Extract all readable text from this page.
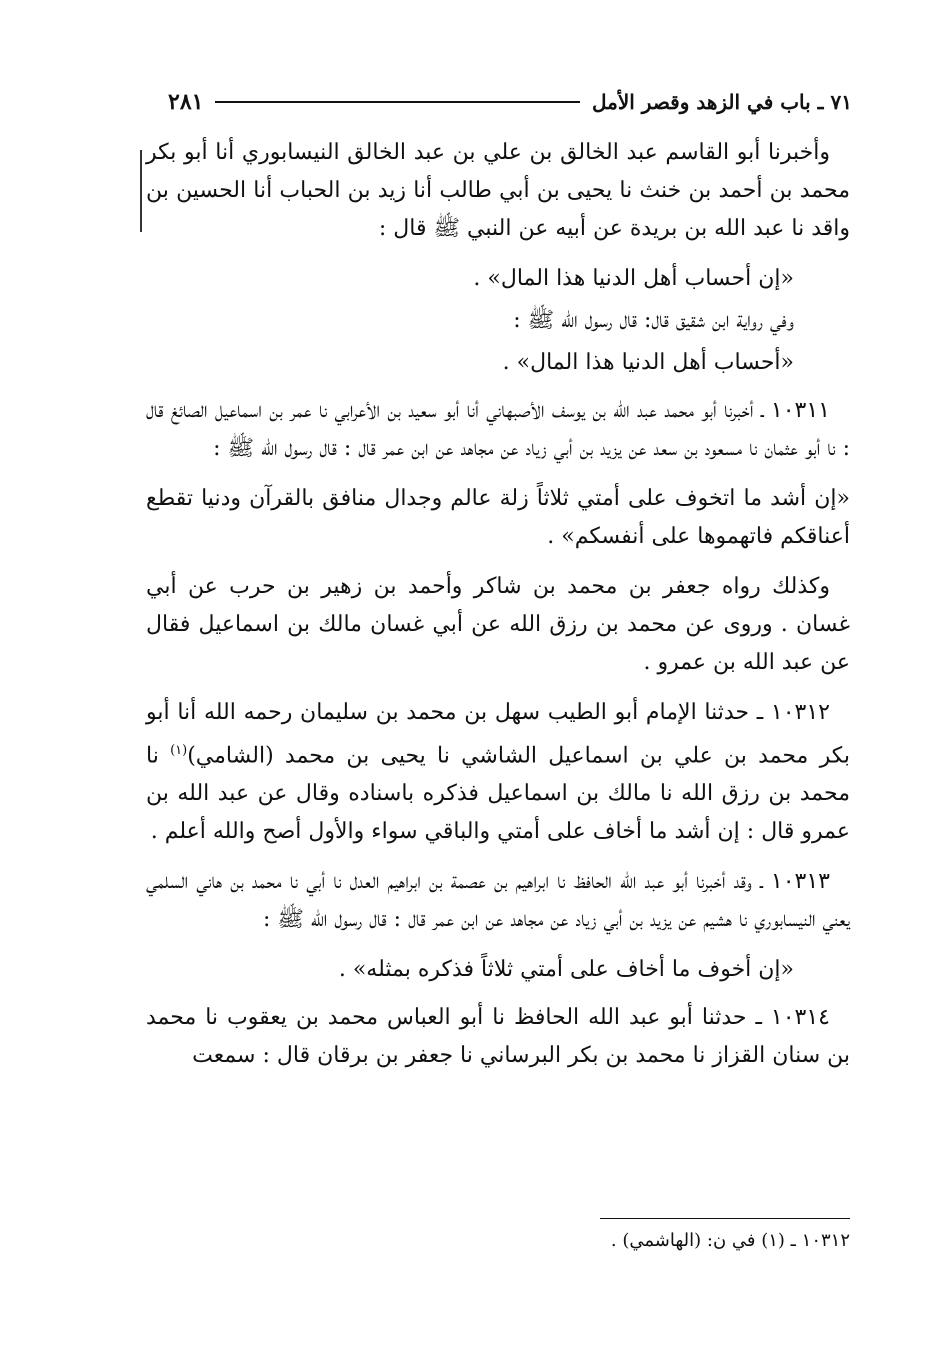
٧١ ـ باب في الزهد وقصر الأمل
٢٨١

وأخبرنا أبو القاسم عبد الخالق بن علي بن عبد الخالق النيسابوري أنا أبو بكر محمد بن أحمد بن خنث نا يحيى بن أبي طالب أنا زيد بن الحباب أنا الحسين بن واقد نا عبد الله بن بريدة عن أبيه عن النبي ﷺ قال :

«إن أحساب أهل الدنيا هذا المال» .

وفي رواية ابن شقيق قال: قال رسول الله ﷺ :

«أحساب أهل الدنيا هذا المال» .

١٠٣١١ ـ أخبرنا أبو محمد عبد الله بن يوسف الأصبهاني أنا أبو سعيد بن الأعرابي نا عمر بن اسماعيل الصائغ قال : نا أبو عثمان نا مسعود بن سعد عن يزيد بن أبي زياد عن مجاهد عن ابن عمر قال : قال رسول الله ﷺ :

«إن أشد ما اتخوف على أمتي ثلاثاً زلة عالم وجدال منافق بالقرآن ودنيا تقطع أعناقكم فاتهموها على أنفسكم» .

وكذلك رواه جعفر بن محمد بن شاكر وأحمد بن زهير بن حرب عن أبي غسان . وروى عن محمد بن رزق الله عن أبي غسان مالك بن اسماعيل فقال عن عبد الله بن عمرو .

١٠٣١٢ ـ حدثنا الإمام أبو الطيب سهل بن محمد بن سليمان رحمه الله أنا أبو بكر محمد بن علي بن اسماعيل الشاشي نا يحيى بن محمد (الشامي)$^{(١)}$ نا محمد بن رزق الله نا مالك بن اسماعيل فذكره باسناده وقال عن عبد الله بن عمرو قال : إن أشد ما أخاف على أمتي والباقي سواء والأول أصح والله أعلم .

١٠٣١٣ ـ وقد أخبرنا أبو عبد الله الحافظ نا ابراهيم بن عصمة بن ابراهيم العدل نا أبي نا محمد بن هاني السلمي يعني النيسابوري نا هشيم عن يزيد بن أبي زياد عن مجاهد عن ابن عمر قال : قال رسول الله ﷺ :

«إن أخوف ما أخاف على أمتي ثلاثاً فذكره بمثله» .

١٠٣١٤ ـ حدثنا أبو عبد الله الحافظ نا أبو العباس محمد بن يعقوب نا محمد بن سنان القزاز نا محمد بن بكر البرساني نا جعفر بن برقان قال : سمعت

١٠٣١٢ ـ (١) في ن: (الهاشمي) .
